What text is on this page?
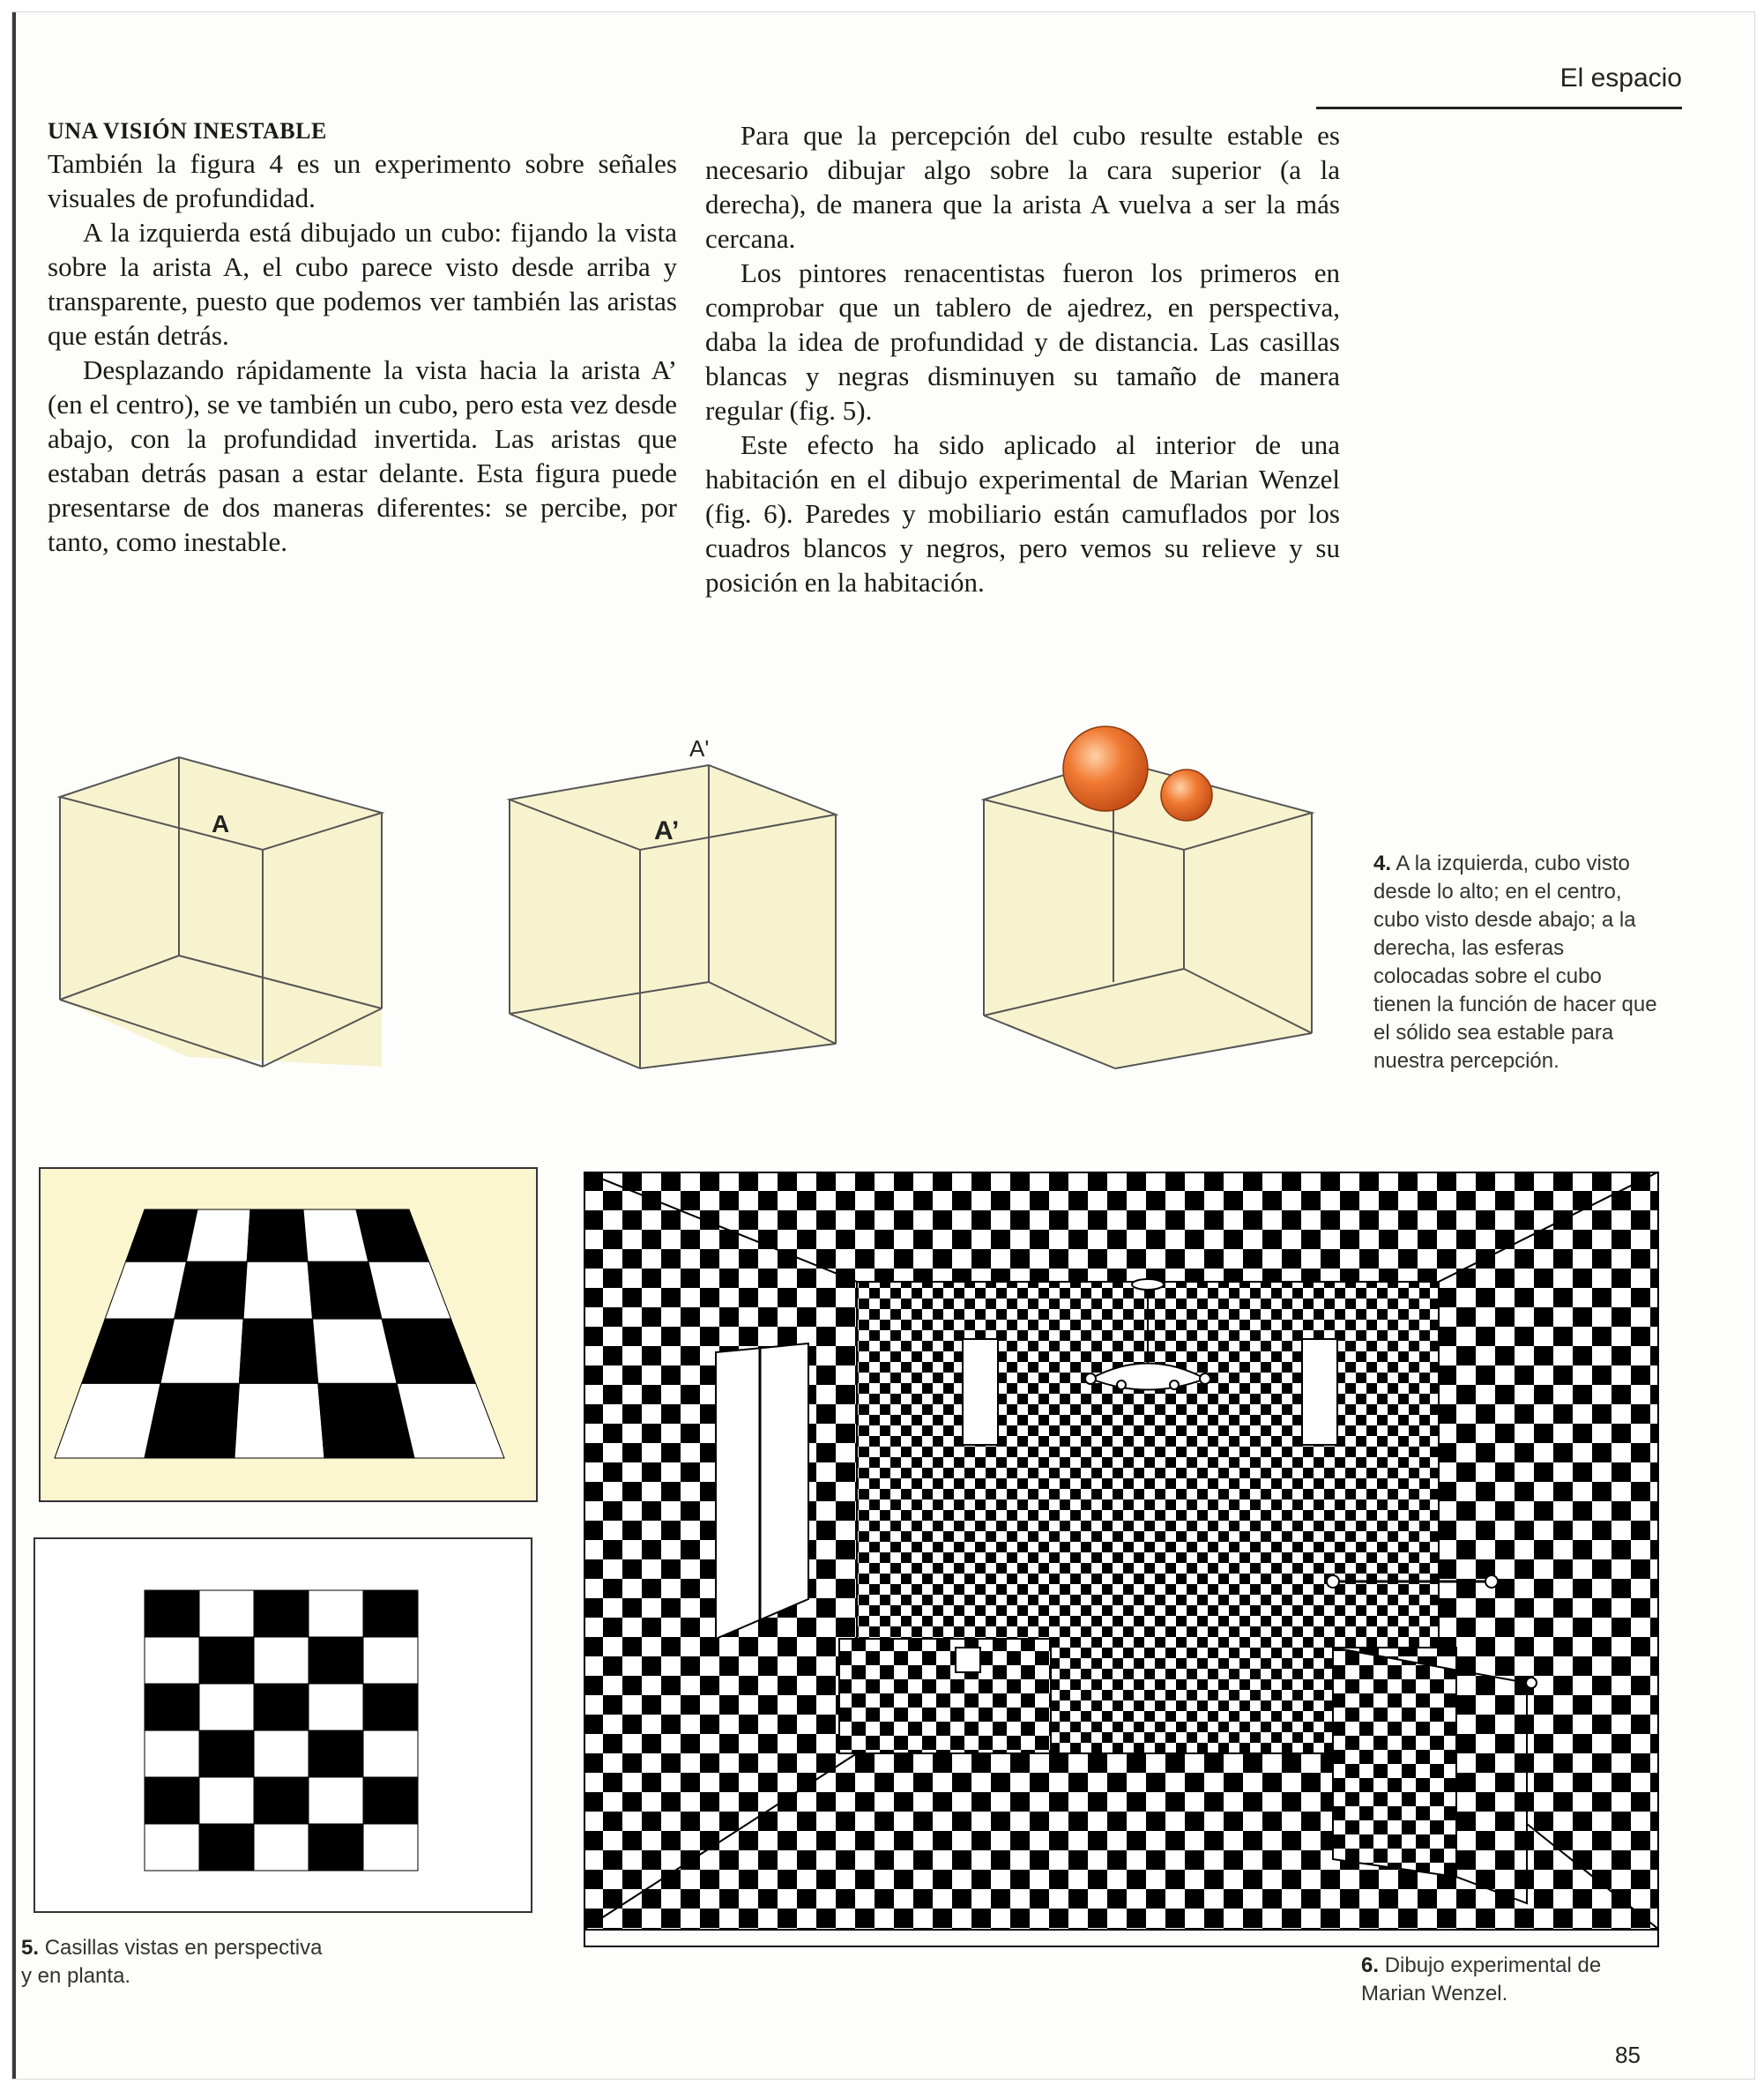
El espacio
UNA VISIÓN INESTABLE

También la figura 4 es un experimento sobre señales visuales de profundidad.

A la izquierda está dibujado un cubo: fijando la vista sobre la arista A, el cubo parece visto desde arriba y transparente, puesto que podemos ver también las aristas que están detrás.

Desplazando rápidamente la vista hacia la arista A’ (en el centro), se ve también un cubo, pero esta vez desde abajo, con la profundidad invertida. Las aristas que estaban detrás pasan a estar delante. Esta figura puede presentarse de dos maneras diferentes: se percibe, por tanto, como inestable.

Para que la percepción del cubo resulte estable es necesario dibujar algo sobre la cara superior (a la derecha), de manera que la arista A vuelva a ser la más cercana.

Los pintores renacentistas fueron los primeros en comprobar que un tablero de ajedrez, en perspectiva, daba la idea de profundidad y de distancia. Las casillas blancas y negras disminuyen su tamaño de manera regular (fig. 5).

Este efecto ha sido aplicado al interior de una habitación en el dibujo experimental de Marian Wenzel (fig. 6). Paredes y mobiliario están camuflados por los cuadros blancos y negros, pero vemos su relieve y su posición en la habitación.

A
A'
A’
4. A la izquierda, cubo visto desde lo alto; en el centro, cubo visto desde abajo; a la derecha, las esferas colocadas sobre el cubo tienen la función de hacer que el sólido sea estable para nuestra percepción.
5. Casillas vistas en perspectiva y en planta.	6. Dibujo experimental de Marian Wenzel.
85
